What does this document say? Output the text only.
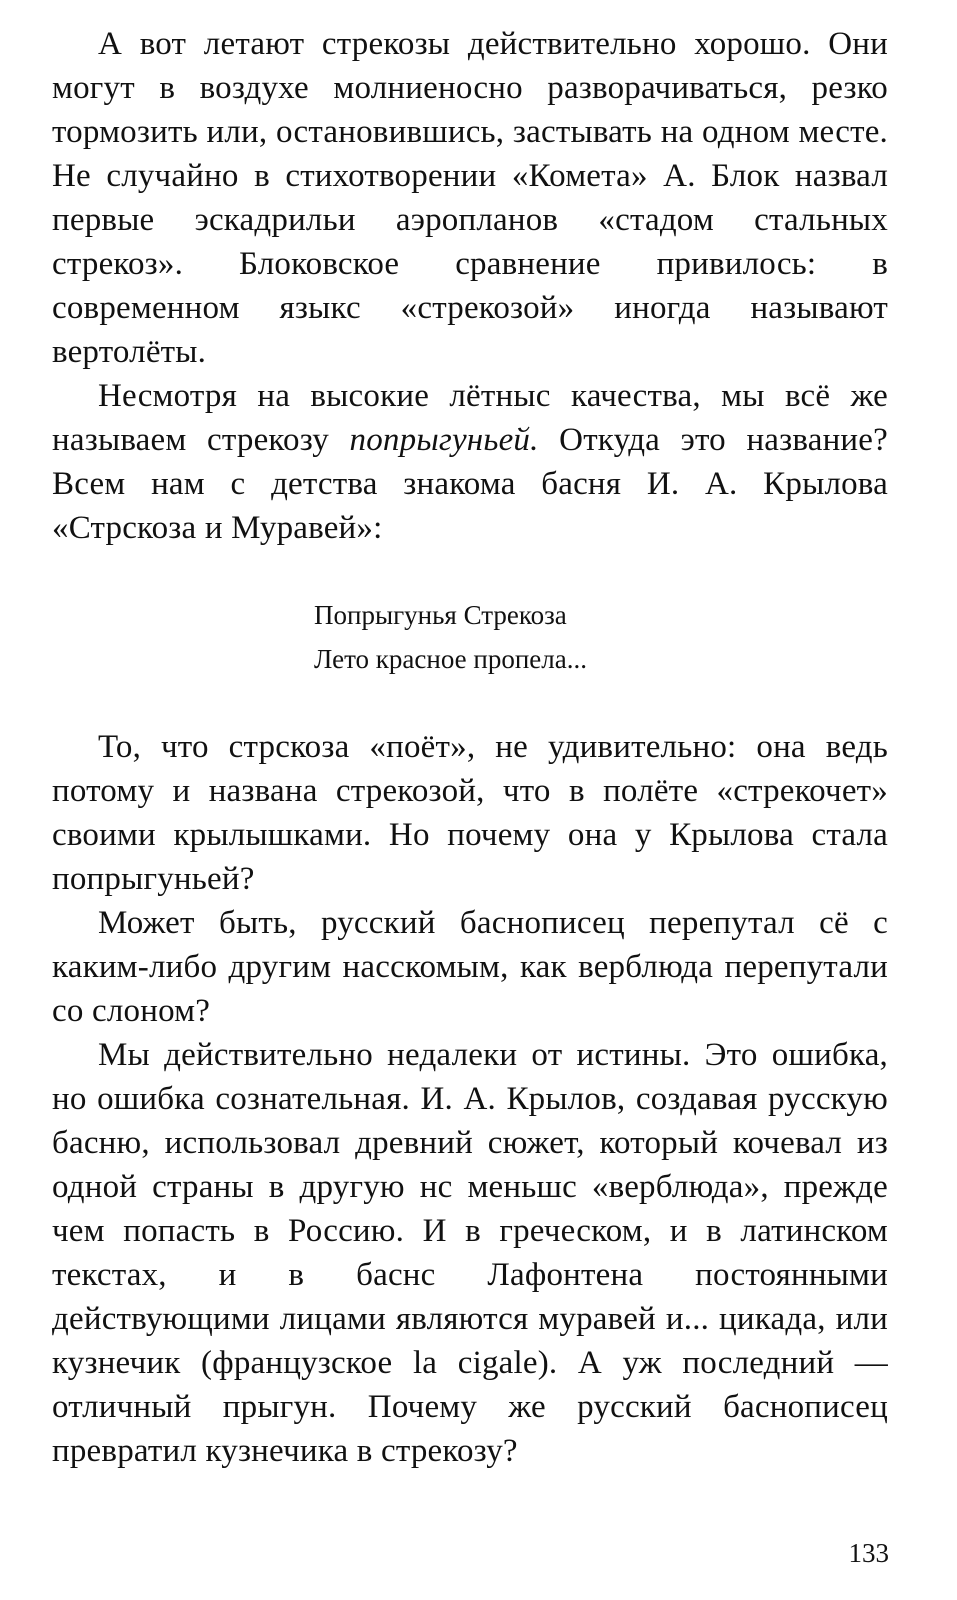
А вот летают стрекозы действительно хорошо. Они могут в воздухе молниеносно разворачиваться, резко тормозить или, остановившись, застывать на одном месте. Не случайно в стихотворении «Комета» А. Блок назвал первые эскадрильи аэропланов «стадом стальных стрекоз». Блоковское сравнение привилось: в современном языкс «стрекозой» иногда называют вертолёты.

Несмотря на высокие лётныс качества, мы всё же называем стрекозу попрыгуньей. Откуда это название? Всем нам с детства знакома басня И. А. Крылова «Стрскоза и Муравей»:

Попрыгунья Стрекоза
Лето красное пропела...

То, что стрскоза «поёт», не удивительно: она ведь потому и названа стрекозой, что в полёте «стрекочет» своими крылышками. Но почему она у Крылова стала попрыгуньей?

Может быть, русский баснописец перепутал сё с каким-либо другим насскомым, как верблюда перепутали со слоном?

Мы действительно недалеки от истины. Это ошибка, но ошибка сознательная. И. А. Крылов, создавая русскую басню, использовал древний сюжет, который кочевал из одной страны в другую нс меньшс «верблюда», прежде чем попасть в Россию. И в греческом, и в латинском текстах, и в баснс Лафонтена постоянными действующими лицами являются муравей и... цикада, или кузнечик (французское la cigale). А уж последний — отличный прыгун. Почему же русский баснописец превратил кузнечика в стрекозу?

133
